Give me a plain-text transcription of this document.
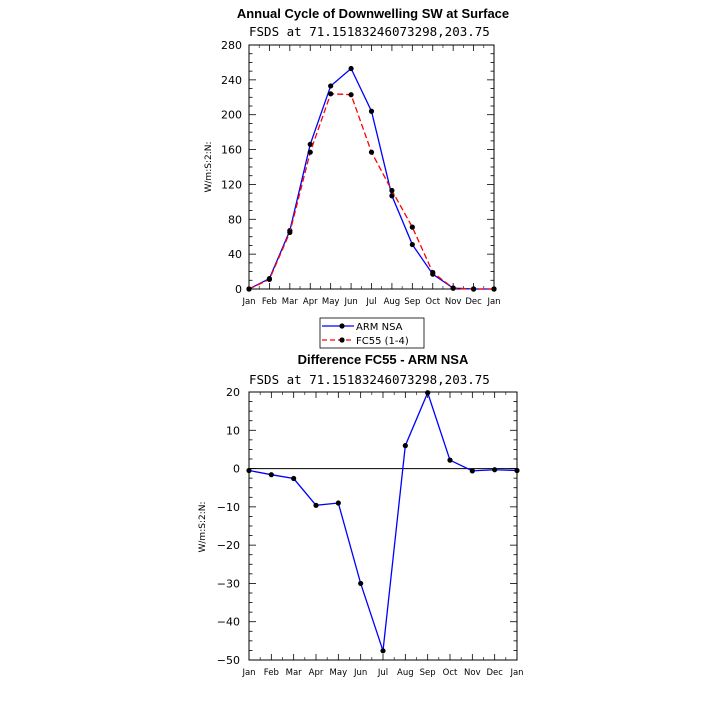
Annual Cycle of Downwelling SW at Surface
FSDS at 71.15183246073298,203.75
W/m:S:2:N:
Jan Feb Mar Apr May Jun Jul Aug Sep Oct Nov Dec Jan
0
40
80
120
160
200
240
280
ARM NSA
FC55 (1-4)
Difference FC55 - ARM NSA
FSDS at 71.15183246073298,203.75
W/m:S:2:N:
Jan Feb Mar Apr May Jun Jul Aug Sep Oct Nov Dec Jan
−50
−40
−30
−20
−10
0
10
20
